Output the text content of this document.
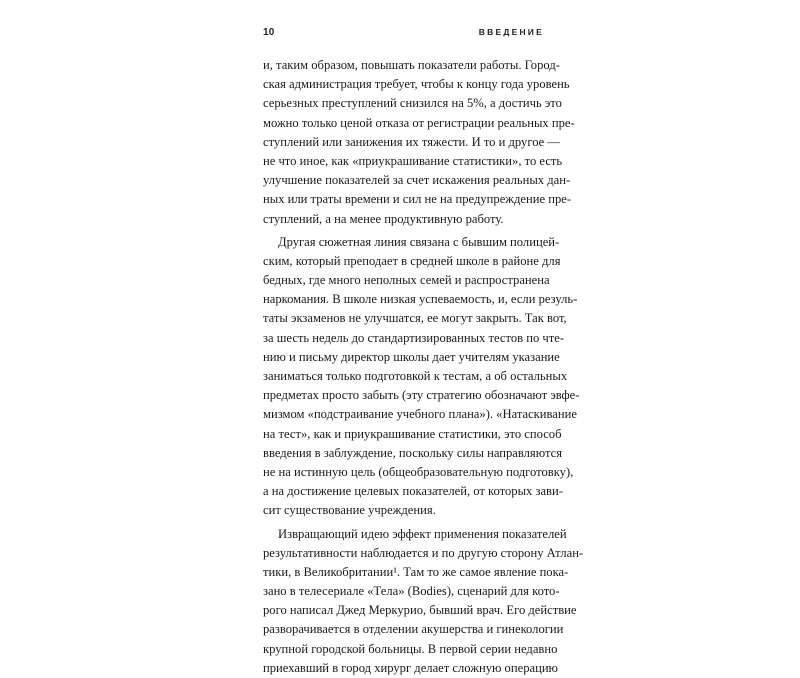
10	ВВЕДЕНИЕ
и, таким образом, повышать показатели работы. Город-
ская администрация требует, чтобы к концу года уровень
серьезных преступлений снизился на 5%, а достичь это
можно только ценой отказа от регистрации реальных пре-
ступлений или занижения их тяжести. И то и другое —
не что иное, как «приукрашивание статистики», то есть
улучшение показателей за счет искажения реальных дан-
ных или траты времени и сил не на предупреждение пре-
ступлений, а на менее продуктивную работу.
Другая сюжетная линия связана с бывшим полицей-
ским, который преподает в средней школе в районе для
бедных, где много неполных семей и распространена
наркомания. В школе низкая успеваемость, и, если резуль-
таты экзаменов не улучшатся, ее могут закрыть. Так вот,
за шесть недель до стандартизированных тестов по чте-
нию и письму директор школы дает учителям указание
заниматься только подготовкой к тестам, а об остальных
предметах просто забыть (эту стратегию обозначают эвфе-
мизмом «подстраивание учебного плана»). «Натаскивание
на тест», как и приукрашивание статистики, это способ
введения в заблуждение, поскольку силы направляются
не на истинную цель (общеобразовательную подготовку),
а на достижение целевых показателей, от которых зави-
сит существование учреждения.
Извращающий идею эффект применения показателей
результативности наблюдается и по другую сторону Атлан-
тики, в Великобритании¹. Там то же самое явление пока-
зано в телесериале «Тела» (Bodies), сценарий для кото-
рого написал Джед Меркурио, бывший врач. Его действие
разворачивается в отделении акушерства и гинекологии
крупной городской больницы. В первой серии недавно
приехавший в город хирург делает сложную операцию
